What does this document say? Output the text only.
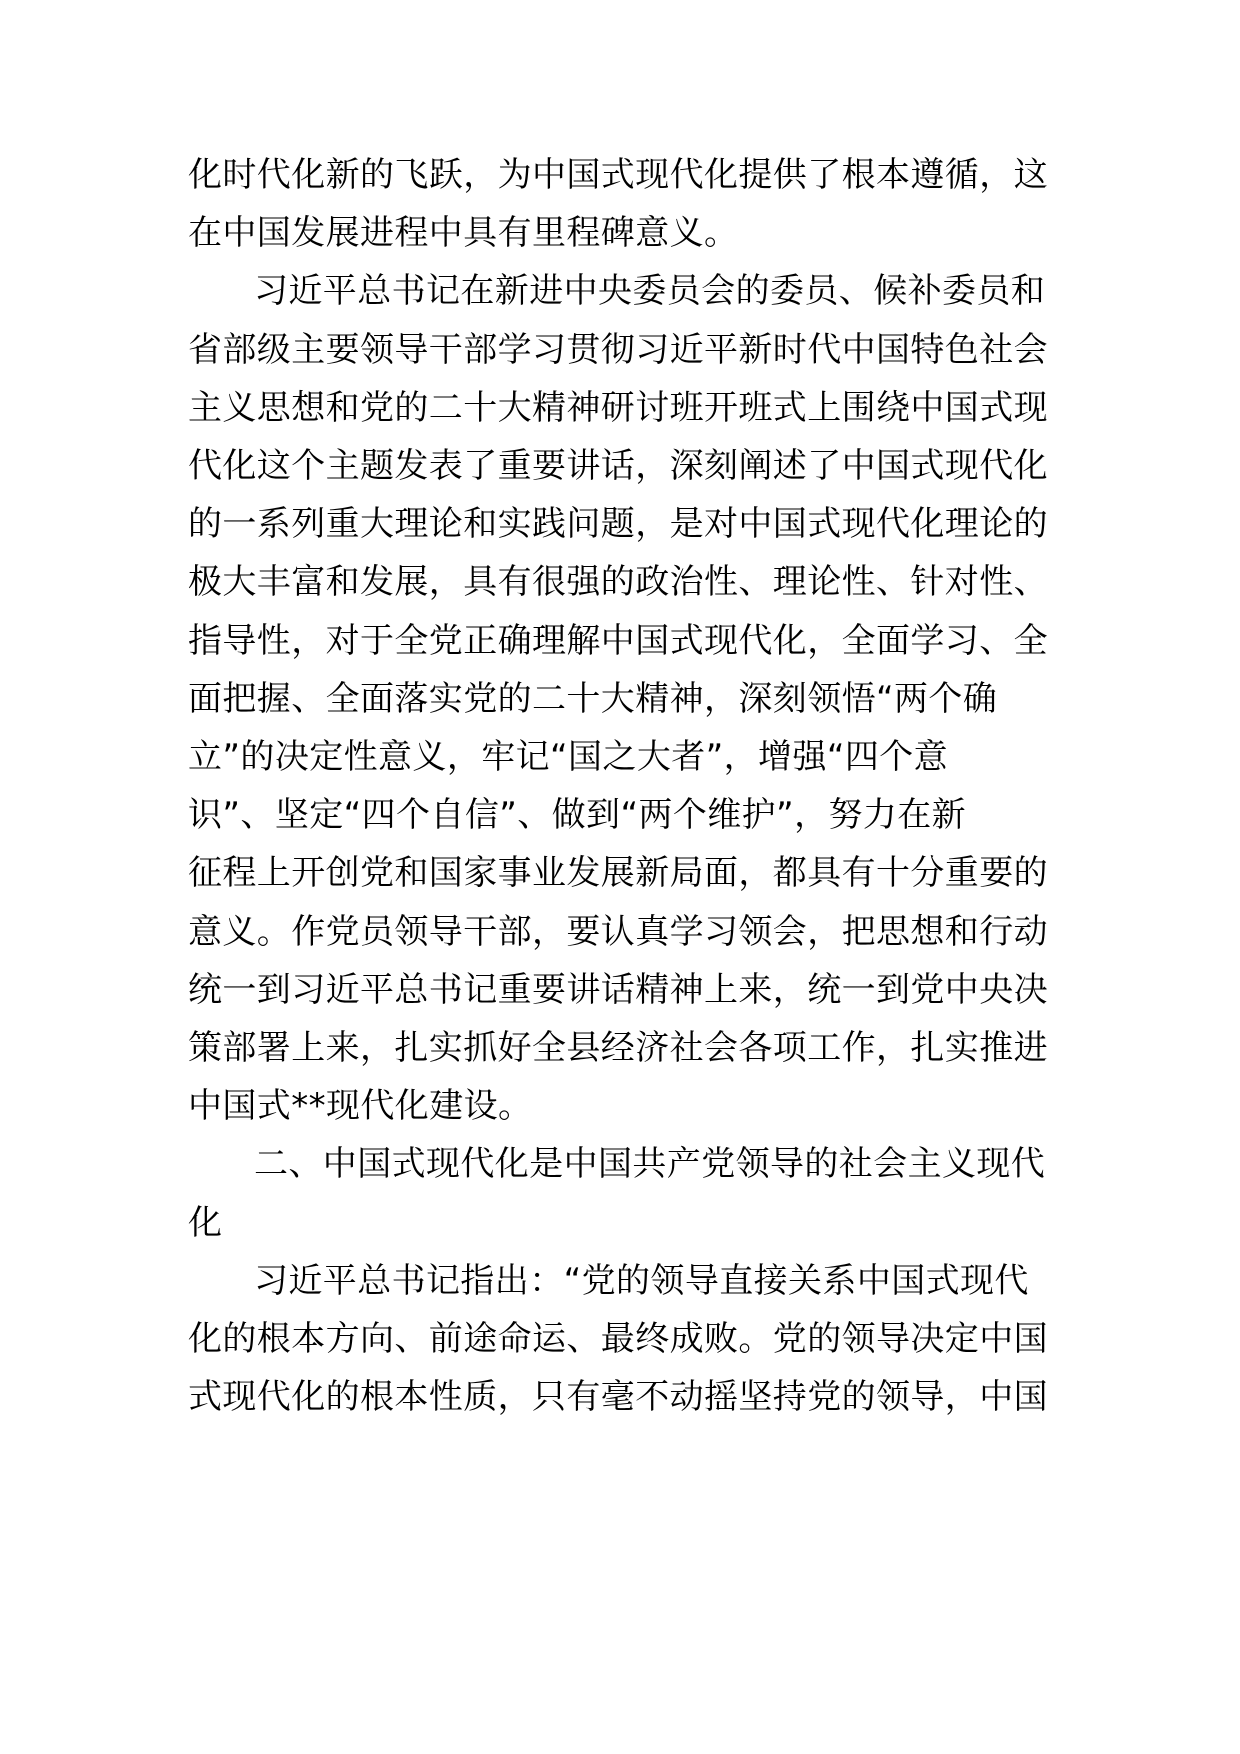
化时代化新的飞跃，为中国式现代化提供了根本遵循，这
在中国发展进程中具有里程碑意义。
习近平总书记在新进中央委员会的委员、候补委员和
省部级主要领导干部学习贯彻习近平新时代中国特色社会
主义思想和党的二十大精神研讨班开班式上围绕中国式现
代化这个主题发表了重要讲话，深刻阐述了中国式现代化
的一系列重大理论和实践问题，是对中国式现代化理论的
极大丰富和发展，具有很强的政治性、理论性、针对性、
指导性，对于全党正确理解中国式现代化，全面学习、全
面把握、全面落实党的二十大精神，深刻领悟“两个确
立”的决定性意义，牢记“国之大者”，增强“四个意
识”、坚定“四个自信”、做到“两个维护”，努力在新
征程上开创党和国家事业发展新局面，都具有十分重要的
意义。作党员领导干部，要认真学习领会，把思想和行动
统一到习近平总书记重要讲话精神上来，统一到党中央决
策部署上来，扎实抓好全县经济社会各项工作，扎实推进
中国式**现代化建设。
二、中国式现代化是中国共产党领导的社会主义现代
化
习近平总书记指出：“党的领导直接关系中国式现代
化的根本方向、前途命运、最终成败。党的领导决定中国
式现代化的根本性质，只有毫不动摇坚持党的领导，中国
